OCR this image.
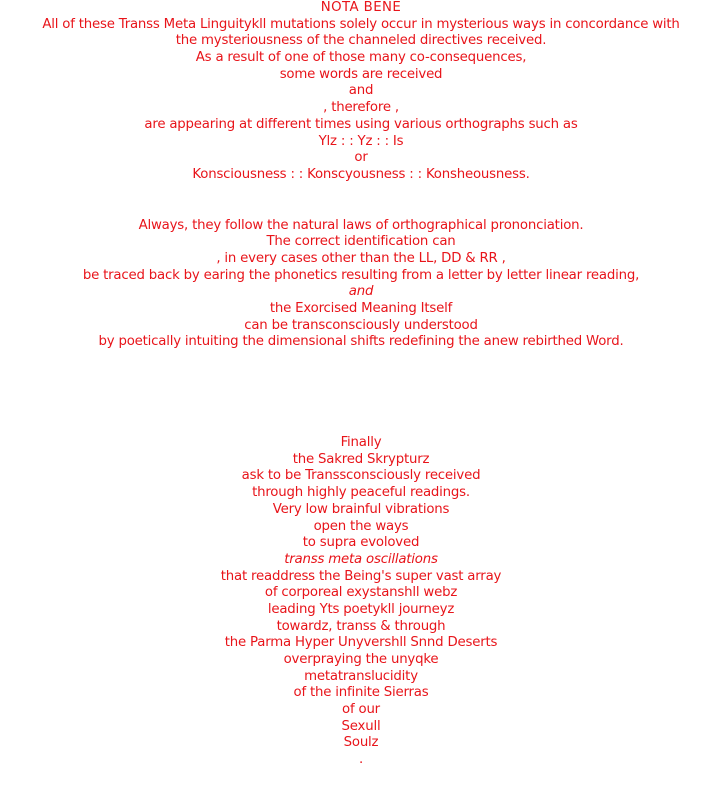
NOTA BENE
All of these Transs Meta Linguitykll mutations solely occur in mysterious ways in concordance with
the mysteriousness of the channeled directives received.
As a result of one of those many co-consequences,
some words are received
and
, therefore ,
are appearing at different times using various orthographs such as
Ylz : : Yz : : Is
or
Konsciousness : : Konscyousness : : Konsheousness.
Always, they follow the natural laws of orthographical prononciation.
The correct identification can
, in every cases other than the LL, DD & RR ,
be traced back by earing the phonetics resulting from a letter by letter linear reading,
and
the Exorcised Meaning Itself
can be transconsciously understood
by poetically intuiting the dimensional shifts redefining the anew rebirthed Word.
Finally
the Sakred Skrypturz
ask to be Transsconsciously received
through highly peaceful readings.
Very low brainful vibrations
open the ways
to supra evoloved
transs meta oscillations
that readdress the Being's super vast array
of corporeal exystanshll webz
leading Yts poetykll journeyz
towardz, transs & through
the Parma Hyper Unyvershll Snnd Deserts
overpraying the unyqke
metatranslucidity
of the infinite Sierras
of our
Sexull
Soulz
.
